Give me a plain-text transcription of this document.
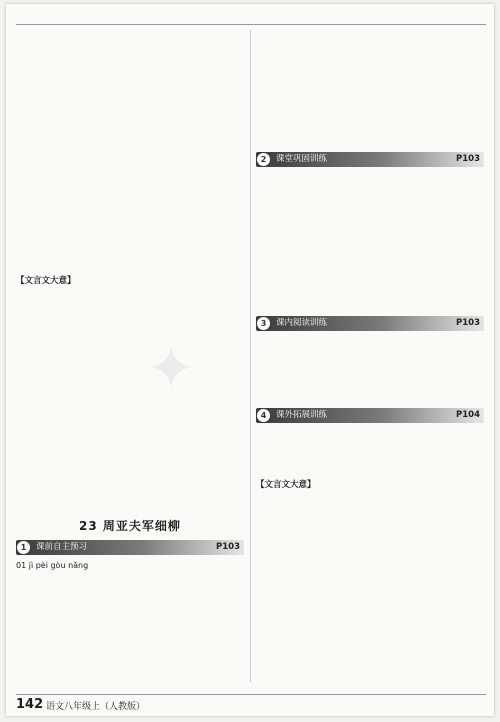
✦
【文言文大意】
23 周亚夫军细柳
1	课前自主预习	P103
01 jì pèi gòu nǎng
2	课堂巩固训练	P103
3	课内阅读训练	P103
4	课外拓展训练	P104
【文言文大意】
142 语文八年级上（人教版）
